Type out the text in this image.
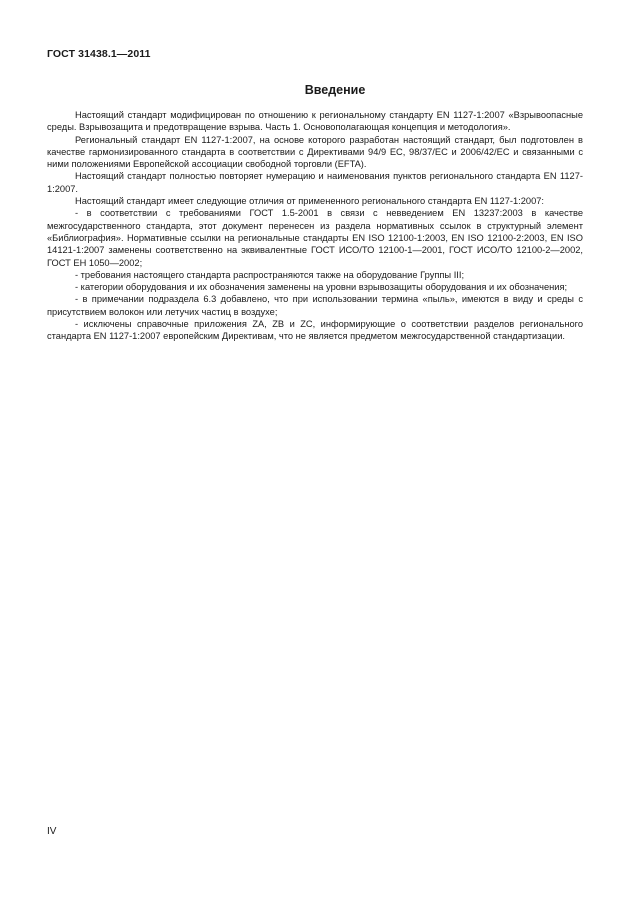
ГОСТ 31438.1—2011
Введение

Настоящий стандарт модифицирован по отношению к региональному стандарту EN 1127-1:2007 «Взрывоопасные среды. Взрывозащита и предотвращение взрыва. Часть 1. Основополагающая концепция и методология».

Региональный стандарт EN 1127-1:2007, на основе которого разработан настоящий стандарт, был подготовлен в качестве гармонизированного стандарта в соответствии с Директивами 94/9 ЕС, 98/37/ЕС и 2006/42/ЕС и связанными с ними положениями Европейской ассоциации свободной торговли (EFTA).

Настоящий стандарт полностью повторяет нумерацию и наименования пунктов регионального стандарта EN 1127-1:2007.

Настоящий стандарт имеет следующие отличия от примененного регионального стандарта EN 1127-1:2007:

- в соответствии с требованиями ГОСТ 1.5-2001 в связи с невведением EN 13237:2003 в качестве межгосударственного стандарта, этот документ перенесен из раздела нормативных ссылок в структурный элемент «Библиография». Нормативные ссылки на региональные стандарты EN ISO 12100-1:2003, EN ISO 12100-2:2003, EN ISO 14121-1:2007 заменены соответственно на эквивалентные ГОСТ ИСО/ТО 12100-1—2001, ГОСТ ИСО/ТО 12100-2—2002, ГОСТ ЕН 1050—2002;

- требования настоящего стандарта распространяются также на оборудование Группы III;

- категории оборудования и их обозначения заменены на уровни взрывозащиты оборудования и их обозначения;

- в примечании подраздела 6.3 добавлено, что при использовании термина «пыль», имеются в виду и среды с присутствием волокон или летучих частиц в воздухе;

- исключены справочные приложения ZA, ZB и ZC, информирующие о соответствии разделов регионального стандарта EN 1127-1:2007 европейским Директивам, что не является предметом межгосударственной стандартизации.

IV
